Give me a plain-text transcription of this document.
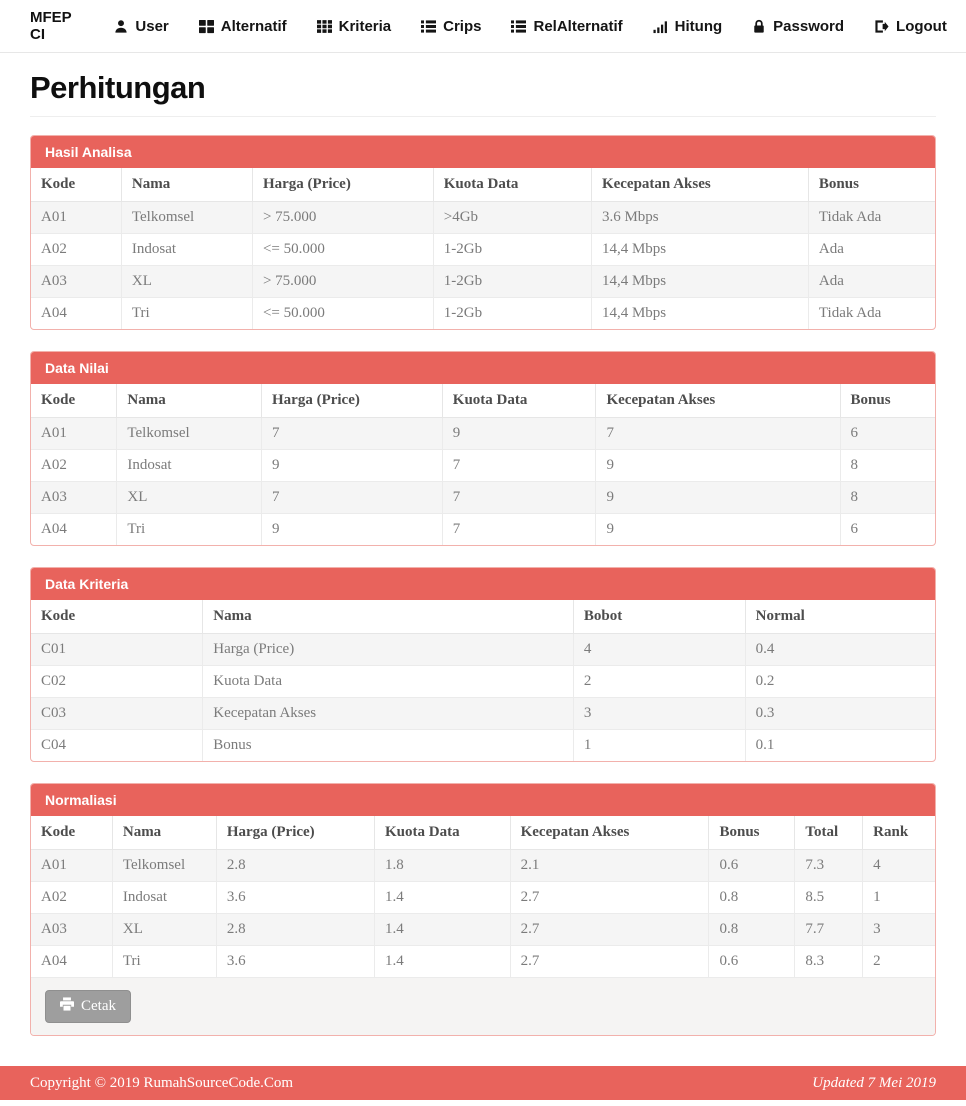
MFEP CI	User	Alternatif	Kriteria	Crips	RelAlternatif	Hitung	Password	Logout
Perhitungan
Hasil Analisa
Kode	Nama	Harga (Price)	Kuota Data	Kecepatan Akses	Bonus
A01	Telkomsel	> 75.000	>4Gb	3.6 Mbps	Tidak Ada
A02	Indosat	<= 50.000	1-2Gb	14,4 Mbps	Ada
A03	XL	> 75.000	1-2Gb	14,4 Mbps	Ada
A04	Tri	<= 50.000	1-2Gb	14,4 Mbps	Tidak Ada
Data Nilai
Kode	Nama	Harga (Price)	Kuota Data	Kecepatan Akses	Bonus
A01	Telkomsel	7	9	7	6
A02	Indosat	9	7	9	8
A03	XL	7	7	9	8
A04	Tri	9	7	9	6
Data Kriteria
Kode	Nama	Bobot	Normal
C01	Harga (Price)	4	0.4
C02	Kuota Data	2	0.2
C03	Kecepatan Akses	3	0.3
C04	Bonus	1	0.1
Normaliasi
Kode	Nama	Harga (Price)	Kuota Data	Kecepatan Akses	Bonus	Total	Rank
A01	Telkomsel	2.8	1.8	2.1	0.6	7.3	4
A02	Indosat	3.6	1.4	2.7	0.8	8.5	1
A03	XL	2.8	1.4	2.7	0.8	7.7	3
A04	Tri	3.6	1.4	2.7	0.6	8.3	2
Cetak
Copyright © 2019 RumahSourceCode.Com	Updated 7 Mei 2019
